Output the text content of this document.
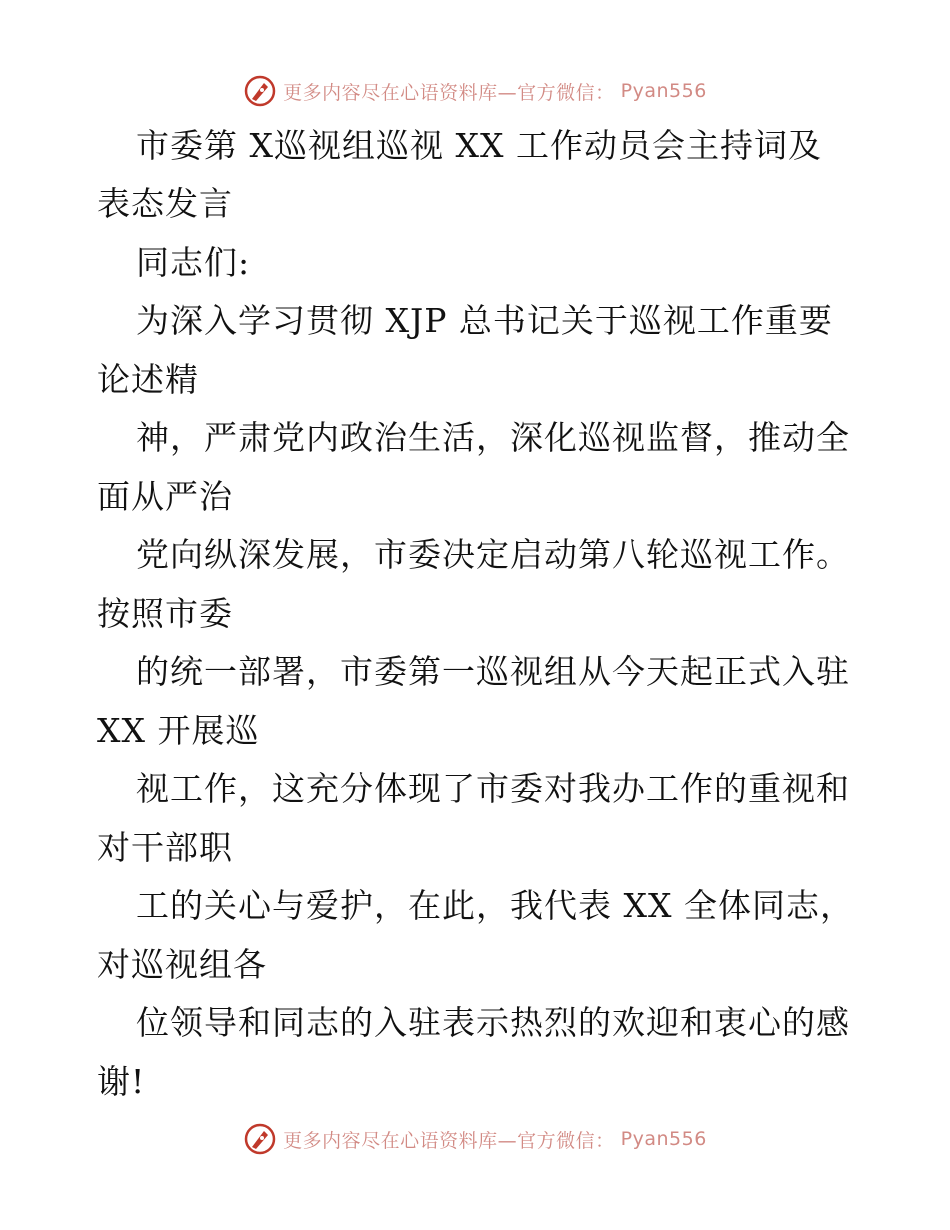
更多内容尽在心语资料库—官方微信： Pyan556
市委第 X巡视组巡视 XX 工作动员会主持词及
表态发言
同志们:
为深入学习贯彻 XJP 总书记关于巡视工作重要
论述精
神，严肃党内政治生活，深化巡视监督，推动全
面从严治
党向纵深发展，市委决定启动第八轮巡视工作。
按照市委
的统一部署，市委第一巡视组从今天起正式入驻
XX 开展巡
视工作，这充分体现了市委对我办工作的重视和
对干部职
工的关心与爱护，在此，我代表 XX 全体同志，
对巡视组各
位领导和同志的入驻表示热烈的欢迎和衷心的感
谢!
更多内容尽在心语资料库—官方微信： Pyan556
